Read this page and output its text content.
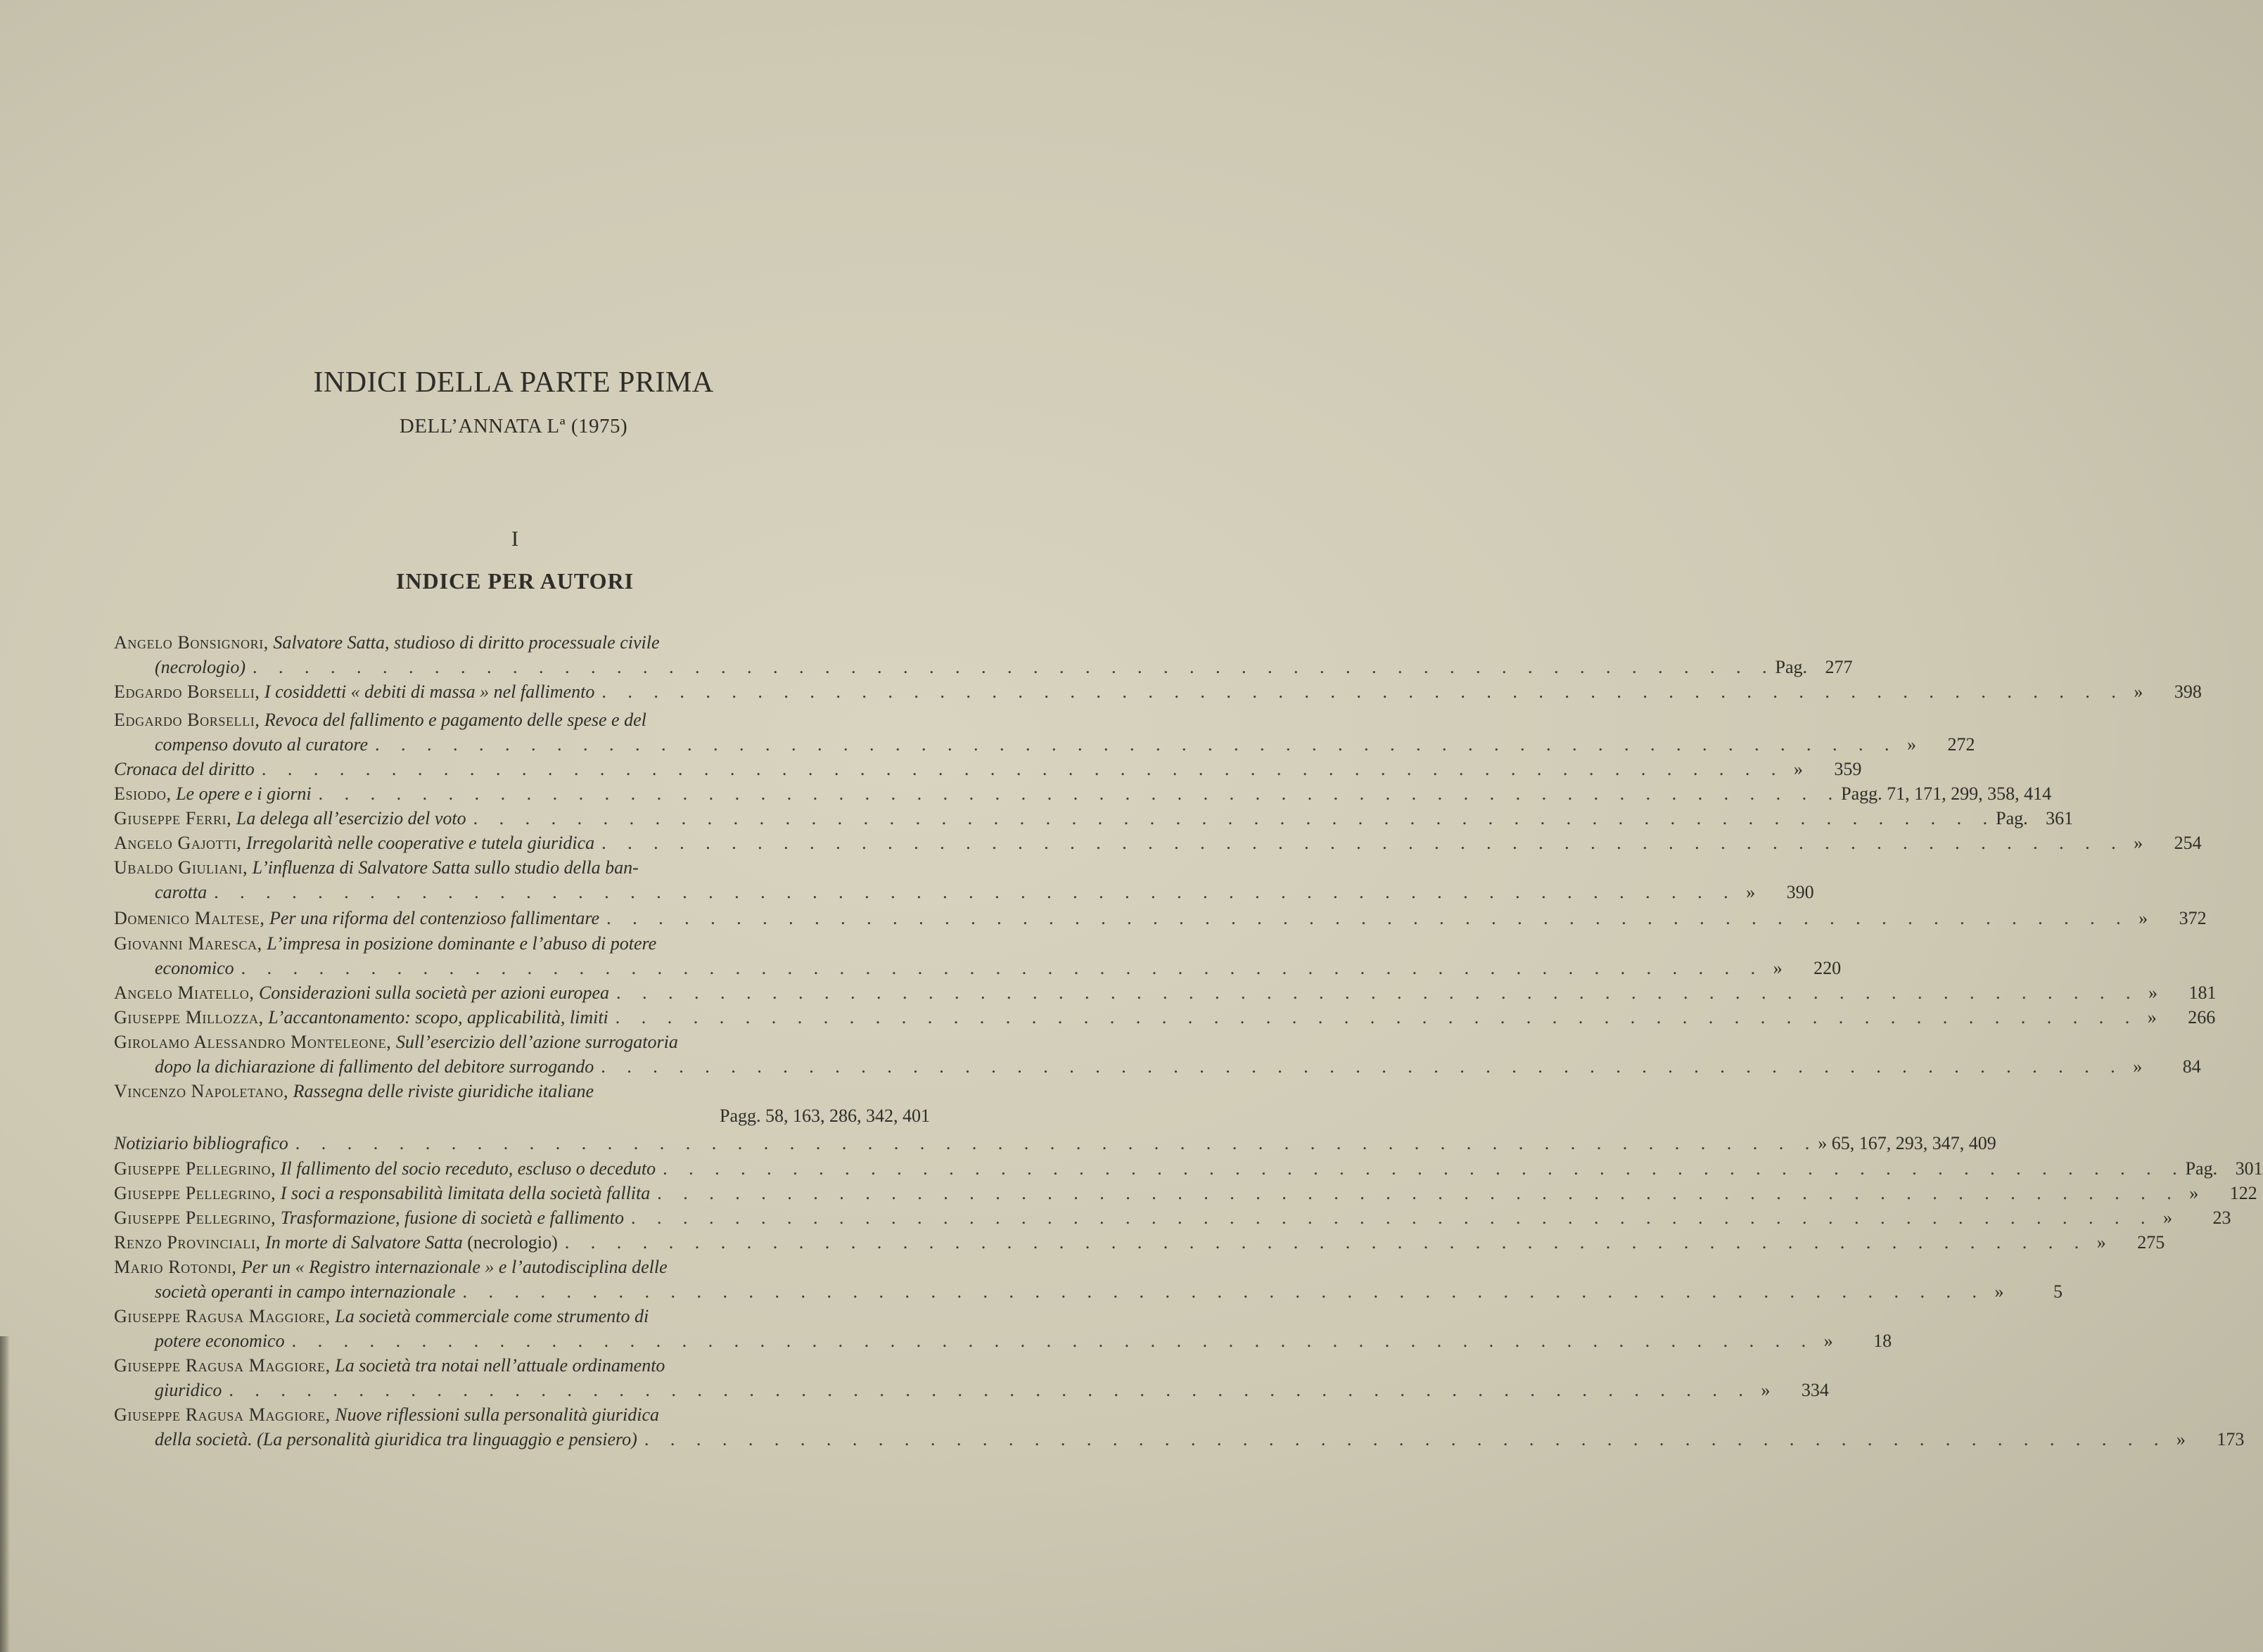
INDICI DELLA PARTE PRIMA
DELL’ANNATA Lª (1975)
I
INDICE PER AUTORI
Angelo Bonsignori, Salvatore Satta, studioso di diritto processuale civile
(necrologio) . . .	Pag. 277
Edgardo Borselli, I cosiddetti « debiti di massa » nel fallimento . . .	»	398
Edgardo Borselli, Revoca del fallimento e pagamento delle spese e del
compenso dovuto al curatore . . .	»	272
Cronaca del diritto . . .	»	359
Esiodo, Le opere e i giorni . . .	Pagg. 71, 171, 299, 358, 414
Giuseppe Ferri, La delega all’esercizio del voto . . .	Pag. 361
Angelo Gajotti, Irregolarità nelle cooperative e tutela giuridica . . .	»	254
Ubaldo Giuliani, L’influenza di Salvatore Satta sullo studio della ban-
carotta . . .	»	390
Domenico Maltese, Per una riforma del contenzioso fallimentare . . .	»	372
Giovanni Maresca, L’impresa in posizione dominante e l’abuso di potere
economico . . .	»	220
Angelo Miatello, Considerazioni sulla società per azioni europea . . .	»	181
Giuseppe Millozza, L’accantonamento: scopo, applicabilità, limiti . . .	»	266
Girolamo Alessandro Monteleone, Sull’esercizio dell’azione surrogatoria
dopo la dichiarazione di fallimento del debitore surrogando . . .	»	84
Vincenzo Napoletano, Rassegna delle riviste giuridiche italiane
Pagg. 58, 163, 286, 342, 401
Notiziario bibliografico . . .	» 65, 167, 293, 347, 409
Giuseppe Pellegrino, Il fallimento del socio receduto, escluso o deceduto . . .	Pag. 301
Giuseppe Pellegrino, I soci a responsabilità limitata della società fallita . . .	»	122
Giuseppe Pellegrino, Trasformazione, fusione di società e fallimento . . .	»	23
Renzo Provinciali, In morte di Salvatore Satta (necrologio) . . .	»	275
Mario Rotondi, Per un « Registro internazionale » e l’autodisciplina delle
società operanti in campo internazionale . . .	»	5
Giuseppe Ragusa Maggiore, La società commerciale come strumento di
potere economico . . .	»	18
Giuseppe Ragusa Maggiore, La società tra notai nell’attuale ordinamento
giuridico . . .	»	334
Giuseppe Ragusa Maggiore, Nuove riflessioni sulla personalità giuridica
della società. (La personalità giuridica tra linguaggio e pensiero) . . .	»	173
